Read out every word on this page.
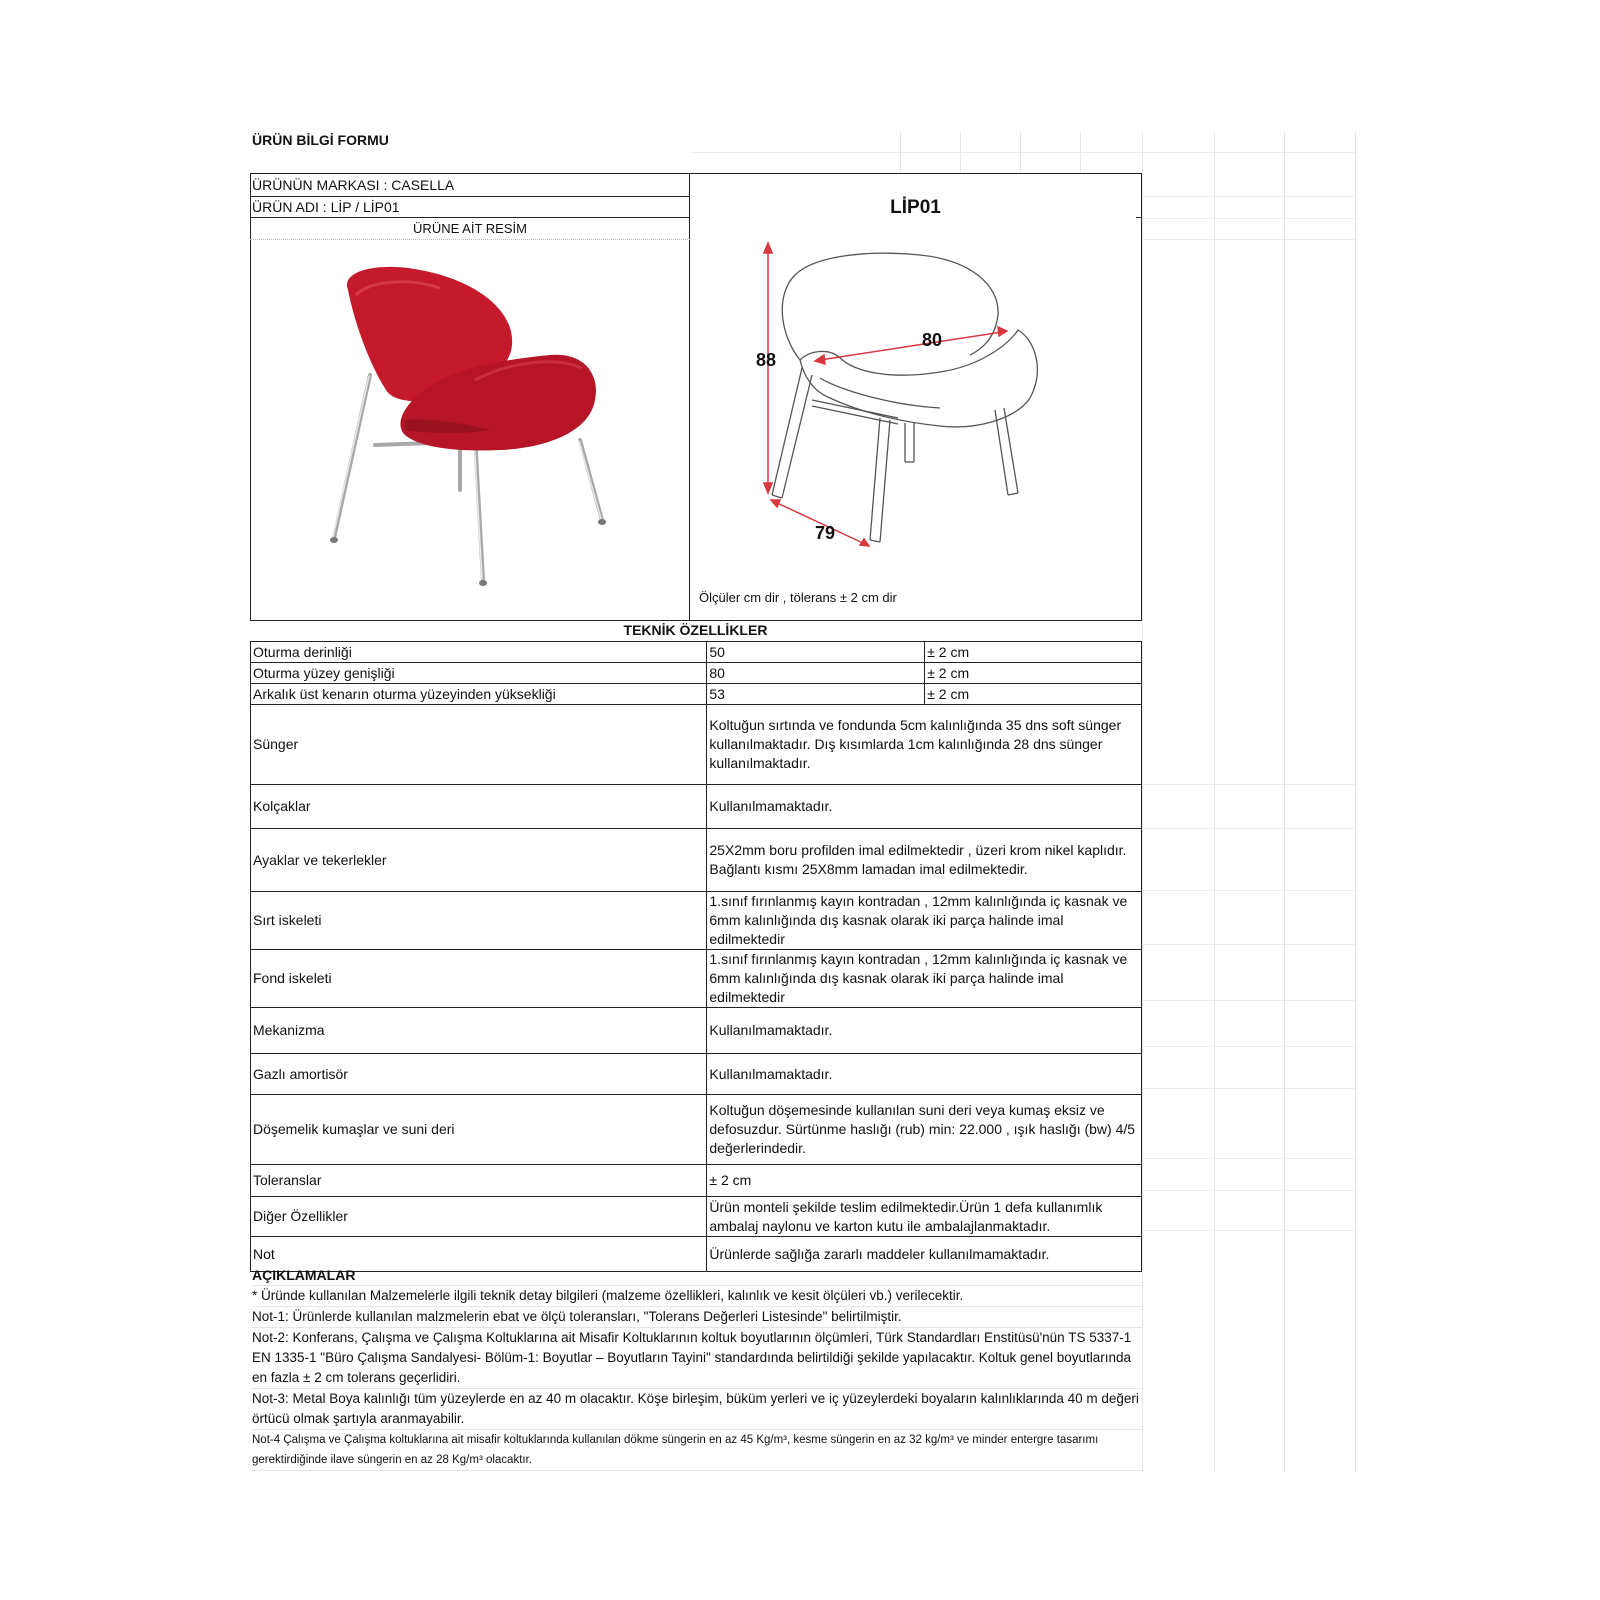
ÜRÜN BİLGİ FORMU
ÜRÜNÜN MARKASI : CASELLA
ÜRÜN ADI : LİP / LİP01
ÜRÜNE AİT RESİM
LİP01
88
80
79
Ölçüler cm dir , tölerans ± 2 cm dir
TEKNİK ÖZELLİKLER
Oturma derinliği	50	± 2 cm
Oturma yüzey genişliği	80	± 2 cm
Arkalık üst kenarın oturma yüzeyinden yüksekliği	53	± 2 cm
Sünger	Koltuğun sırtında ve fondunda 5cm kalınlığında 35 dns soft sünger kullanılmaktadır. Dış kısımlarda 1cm kalınlığında 28 dns sünger kullanılmaktadır.	
Kolçaklar	Kullanılmamaktadır.	
Ayaklar ve tekerlekler	25X2mm boru profilden imal edilmektedir , üzeri krom nikel kaplıdır. Bağlantı kısmı 25X8mm lamadan imal edilmektedir.	
Sırt iskeleti	1.sınıf fırınlanmış kayın kontradan , 12mm kalınlığında iç kasnak ve 6mm kalınlığında dış kasnak olarak iki parça halinde imal edilmektedir	
Fond iskeleti	1.sınıf fırınlanmış kayın kontradan , 12mm kalınlığında iç kasnak ve 6mm kalınlığında dış kasnak olarak iki parça halinde imal edilmektedir	
Mekanizma	Kullanılmamaktadır.	
Gazlı amortisör	Kullanılmamaktadır.	
Döşemelik kumaşlar ve suni deri	Koltuğun döşemesinde kullanılan suni deri veya kumaş eksiz ve defosuzdur. Sürtünme haslığı (rub) min: 22.000 , ışık haslığı (bw) 4/5 değerlerindedir.	
Toleranslar	± 2 cm	
Diğer Özellikler	Ürün monteli şekilde teslim edilmektedir.Ürün 1 defa kullanımlık ambalaj naylonu ve karton kutu ile ambalajlanmaktadır.	
Not	Ürünlerde sağlığa zararlı maddeler kullanılmamaktadır.	

AÇIKLAMALAR

* Üründe kullanılan Malzemelerle ilgili teknik detay bilgileri (malzeme özellikleri, kalınlık ve kesit ölçüleri vb.) verilecektir.

Not-1: Ürünlerde kullanılan malzmelerin ebat ve ölçü toleransları, "Tolerans Değerleri Listesinde" belirtilmiştir.

Not-2: Konferans, Çalışma ve Çalışma Koltuklarına ait Misafir Koltuklarının koltuk boyutlarının ölçümleri, Türk Standardları Enstitüsü'nün TS 5337-1 EN 1335-1 "Büro Çalışma Sandalyesi- Bölüm-1: Boyutlar – Boyutların Tayini" standardında belirtildiği şekilde yapılacaktır. Koltuk genel boyutlarında en fazla ± 2 cm tolerans geçerlidiri.

Not-3: Metal Boya kalınlığı tüm yüzeylerde en az 40 m olacaktır. Köşe birleşim, büküm yerleri ve iç yüzeylerdeki boyaların kalınlıklarında 40 m değeri örtücü olmak şartıyla aranmayabilir.

Not-4 Çalışma ve Çalışma koltuklarına ait misafir koltuklarında kullanılan dökme süngerin en az 45 Kg/m³, kesme süngerin en az 32 kg/m³ ve minder entergre tasarımı gerektirdiğinde ilave süngerin en az 28 Kg/m³ olacaktır.
